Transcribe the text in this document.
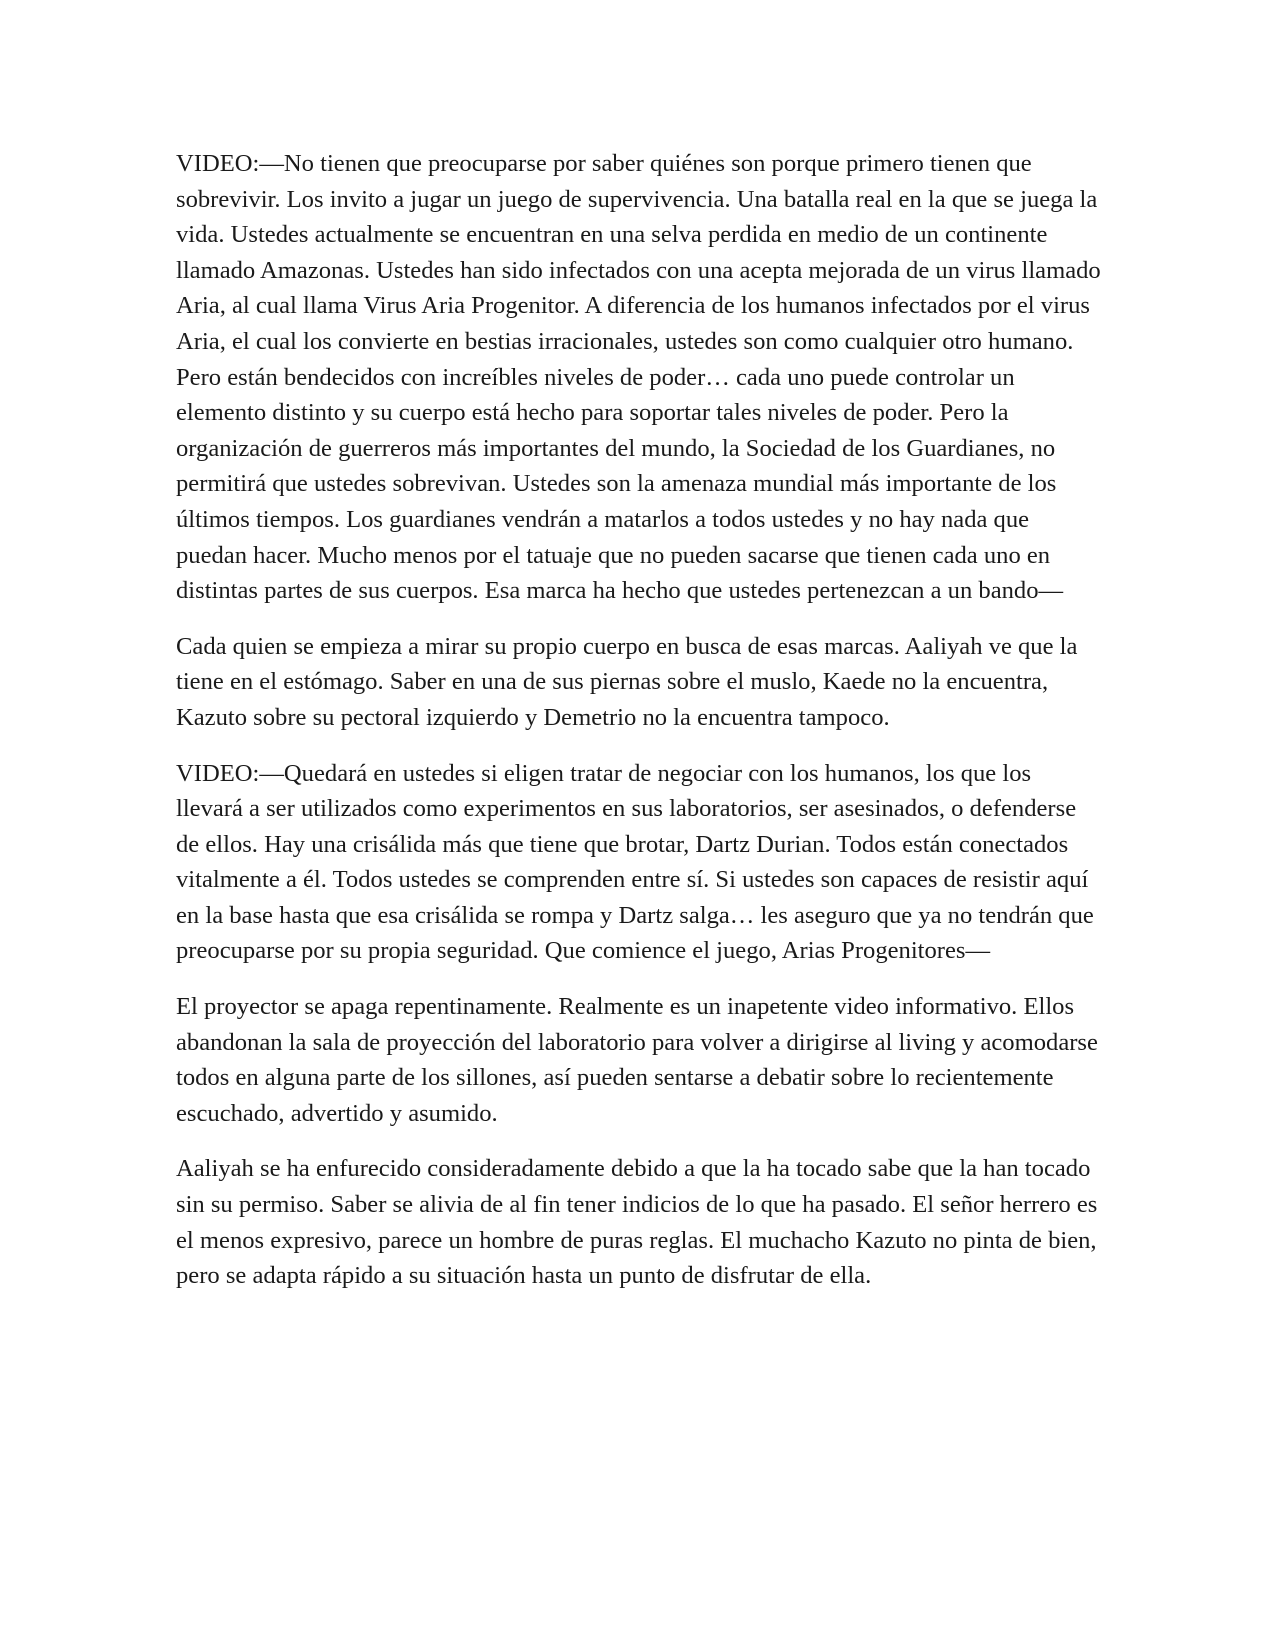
VIDEO:—No tienen que preocuparse por saber quiénes son porque primero tienen que sobrevivir. Los invito a jugar un juego de supervivencia. Una batalla real en la que se juega la vida. Ustedes actualmente se encuentran en una selva perdida en medio de un continente llamado Amazonas. Ustedes han sido infectados con una acepta mejorada de un virus llamado Aria, al cual llama Virus Aria Progenitor. A diferencia de los humanos infectados por el virus Aria, el cual los convierte en bestias irracionales, ustedes son como cualquier otro humano. Pero están bendecidos con increíbles niveles de poder… cada uno puede controlar un elemento distinto y su cuerpo está hecho para soportar tales niveles de poder. Pero la organización de guerreros más importantes del mundo, la Sociedad de los Guardianes, no permitirá que ustedes sobrevivan. Ustedes son la amenaza mundial más importante de los últimos tiempos. Los guardianes vendrán a matarlos a todos ustedes y no hay nada que puedan hacer. Mucho menos por el tatuaje que no pueden sacarse que tienen cada uno en distintas partes de sus cuerpos. Esa marca ha hecho que ustedes pertenezcan a un bando—

Cada quien se empieza a mirar su propio cuerpo en busca de esas marcas. Aaliyah ve que la tiene en el estómago. Saber en una de sus piernas sobre el muslo, Kaede no la encuentra, Kazuto sobre su pectoral izquierdo y Demetrio no la encuentra tampoco.

VIDEO:—Quedará en ustedes si eligen tratar de negociar con los humanos, los que los llevará a ser utilizados como experimentos en sus laboratorios, ser asesinados, o defenderse de ellos. Hay una crisálida más que tiene que brotar, Dartz Durian. Todos están conectados vitalmente a él. Todos ustedes se comprenden entre sí. Si ustedes son capaces de resistir aquí en la base hasta que esa crisálida se rompa y Dartz salga… les aseguro que ya no tendrán que preocuparse por su propia seguridad. Que comience el juego, Arias Progenitores—

El proyector se apaga repentinamente. Realmente es un inapetente video informativo. Ellos abandonan la sala de proyección del laboratorio para volver a dirigirse al living y acomodarse todos en alguna parte de los sillones, así pueden sentarse a debatir sobre lo recientemente escuchado, advertido y asumido.

Aaliyah se ha enfurecido consideradamente debido a que la ha tocado sabe que la han tocado sin su permiso. Saber se alivia de al fin tener indicios de lo que ha pasado. El señor herrero es el menos expresivo, parece un hombre de puras reglas. El muchacho Kazuto no pinta de bien, pero se adapta rápido a su situación hasta un punto de disfrutar de ella.
